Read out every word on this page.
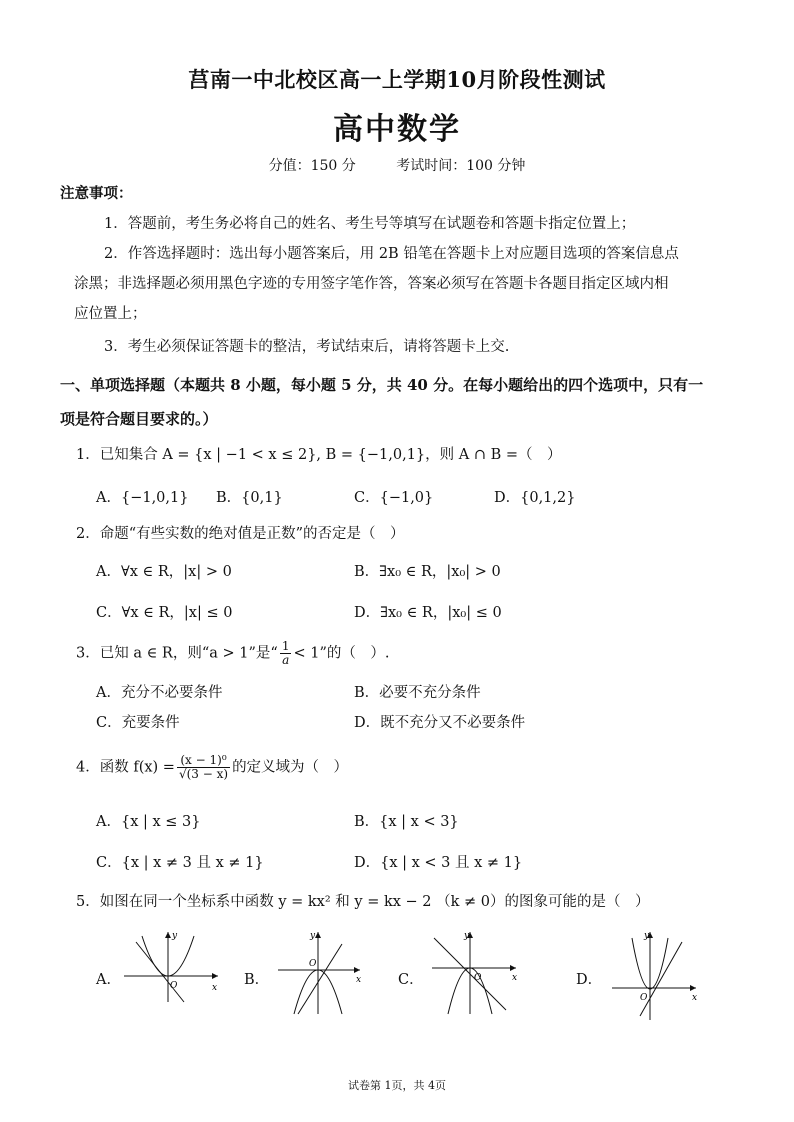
莒南一中北校区高一上学期10月阶段性测试
高中数学
分值：150 分	考试时间：100 分钟
注意事项：
1．答题前，考生务必将自己的姓名、考生号等填写在试题卷和答题卡指定位置上；
2．作答选择题时：选出每小题答案后，用 2B 铅笔在答题卡上对应题目选项的答案信息点
涂黑；非选择题必须用黑色字迹的专用签字笔作答，答案必须写在答题卡各题目指定区域内相
应位置上；
3．考生必须保证答题卡的整洁，考试结束后，请将答题卡上交.
一、单项选择题（本题共 8 小题，每小题 5 分，共 40 分。在每小题给出的四个选项中，只有一
项是符合题目要求的。）
1．已知集合 A = {x | −1 < x ≤ 2}, B = {−1,0,1}，则 A ∩ B =（　）
A．{−1,0,1} B．{0,1}	C．{−1,0}	D．{0,1,2}
2．命题“有些实数的绝对值是正数”的否定是（　）
A．∀x ∈ R，|x| > 0	B．∃x₀ ∈ R，|x₀| > 0
C．∀x ∈ R，|x| ≤ 0	D．∃x₀ ∈ R，|x₀| ≤ 0
3．已知 a ∈ R，则“a > 1”是“ $\frac{1}{a} < 1$”的（　）.
A．充分不必要条件	B．必要不充分条件
C．充要条件	D．既不充分又不必要条件
4．函数 $f(x) = \frac{\text{(x − 1)⁰}}{√(3 - x)}$ 的定义域为（　）
A．{x | x ≤ 3}	B．{x | x < 3}
C．{x | x ≠ 3 且 x ≠ 1}	D．{x | x < 3 且 x ≠ 1}
5．如图在同一个坐标系中函数 y = kx² 和 y = kx − 2 （k ≠ 0）的图象可能的是（　）
A．	B．	C．	D．
y
x
O
y
x
O
y
x
O
y
x
O
试卷第 1页，共 4页
